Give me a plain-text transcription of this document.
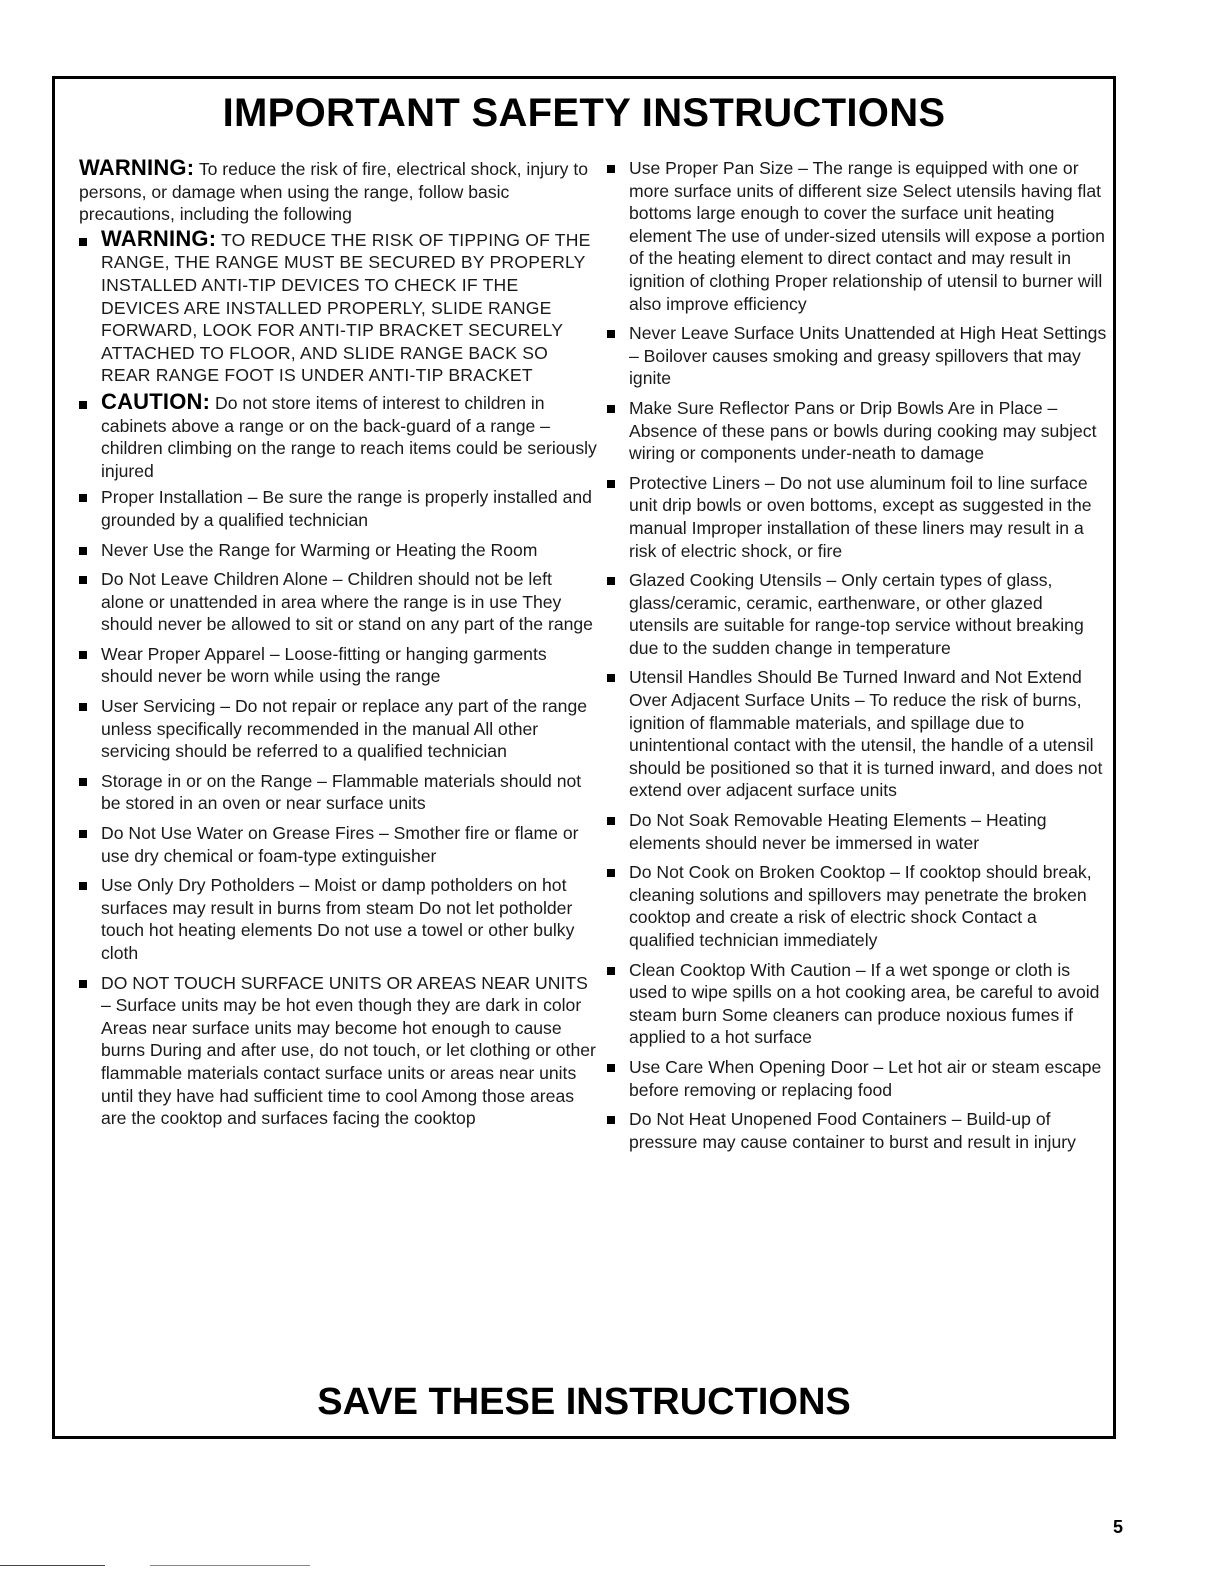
IMPORTANT SAFETY INSTRUCTIONS

WARNING: To reduce the risk of fire, electrical shock, injury to persons, or damage when using the range, follow basic precautions, including the following

WARNING: TO REDUCE THE RISK OF TIPPING OF THE RANGE, THE RANGE MUST BE SECURED BY PROPERLY INSTALLED ANTI-TIP DEVICES TO CHECK IF THE DEVICES ARE INSTALLED PROPERLY, SLIDE RANGE FORWARD, LOOK FOR ANTI-TIP BRACKET SECURELY ATTACHED TO FLOOR, AND SLIDE RANGE BACK SO REAR RANGE FOOT IS UNDER ANTI-TIP BRACKET
CAUTION: Do not store items of interest to children in cabinets above a range or on the back-guard of a range – children climbing on the range to reach items could be seriously injured
Proper Installation – Be sure the range is properly installed and grounded by a qualified technician
Never Use the Range for Warming or Heating the Room
Do Not Leave Children Alone – Children should not be left alone or unattended in area where the range is in use They should never be allowed to sit or stand on any part of the range
Wear Proper Apparel – Loose-fitting or hanging garments should never be worn while using the range
User Servicing – Do not repair or replace any part of the range unless specifically recommended in the manual All other servicing should be referred to a qualified technician
Storage in or on the Range – Flammable materials should not be stored in an oven or near surface units
Do Not Use Water on Grease Fires – Smother fire or flame or use dry chemical or foam-type extinguisher
Use Only Dry Potholders – Moist or damp potholders on hot surfaces may result in burns from steam Do not let potholder touch hot heating elements Do not use a towel or other bulky cloth
DO NOT TOUCH SURFACE UNITS OR AREAS NEAR UNITS – Surface units may be hot even though they are dark in color Areas near surface units may become hot enough to cause burns During and after use, do not touch, or let clothing or other flammable materials contact surface units or areas near units until they have had sufficient time to cool Among those areas are the cooktop and surfaces facing the cooktop
Use Proper Pan Size – The range is equipped with one or more surface units of different size Select utensils having flat bottoms large enough to cover the surface unit heating element The use of under-sized utensils will expose a portion of the heating element to direct contact and may result in ignition of clothing Proper relationship of utensil to burner will also improve efficiency
Never Leave Surface Units Unattended at High Heat Settings – Boilover causes smoking and greasy spillovers that may ignite
Make Sure Reflector Pans or Drip Bowls Are in Place – Absence of these pans or bowls during cooking may subject wiring or components under-neath to damage
Protective Liners – Do not use aluminum foil to line surface unit drip bowls or oven bottoms, except as suggested in the manual Improper installation of these liners may result in a risk of electric shock, or fire
Glazed Cooking Utensils – Only certain types of glass, glass/ceramic, ceramic, earthenware, or other glazed utensils are suitable for range-top service without breaking due to the sudden change in temperature
Utensil Handles Should Be Turned Inward and Not Extend Over Adjacent Surface Units – To reduce the risk of burns, ignition of flammable materials, and spillage due to unintentional contact with the utensil, the handle of a utensil should be positioned so that it is turned inward, and does not extend over adjacent surface units
Do Not Soak Removable Heating Elements – Heating elements should never be immersed in water
Do Not Cook on Broken Cooktop – If cooktop should break, cleaning solutions and spillovers may penetrate the broken cooktop and create a risk of electric shock Contact a qualified technician immediately
Clean Cooktop With Caution – If a wet sponge or cloth is used to wipe spills on a hot cooking area, be careful to avoid steam burn Some cleaners can produce noxious fumes if applied to a hot surface
Use Care When Opening Door – Let hot air or steam escape before removing or replacing food
Do Not Heat Unopened Food Containers – Build-up of pressure may cause container to burst and result in injury
SAVE THESE INSTRUCTIONS
5
